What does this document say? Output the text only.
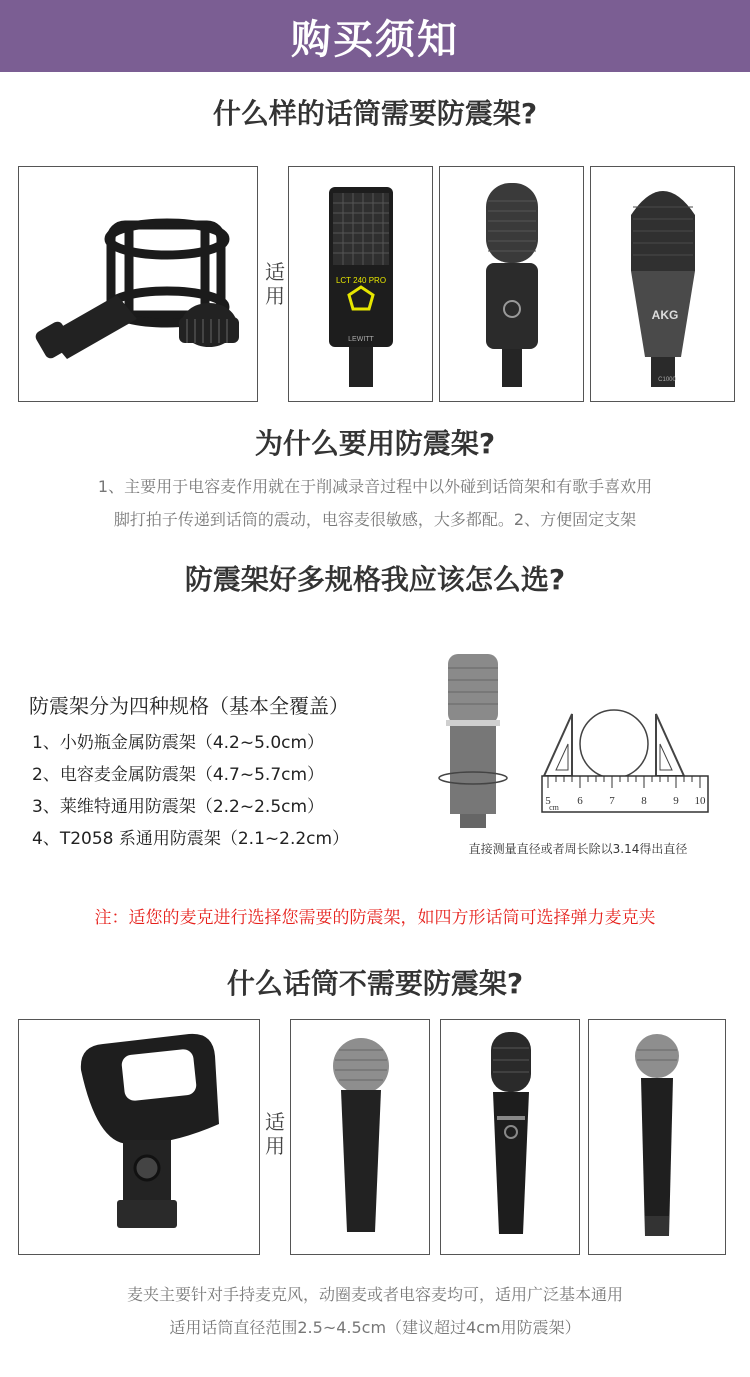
购买须知
什么样的话筒需要防震架?
适
用
LCT 240 PRO
LEWITT
AKG
C1000
为什么要用防震架?
1、主要用于电容麦作用就在于削减录音过程中以外碰到话筒架和有歌手喜欢用
脚打拍子传递到话筒的震动，电容麦很敏感，大多都配。2、方便固定支架
防震架好多规格我应该怎么选?
防震架分为四种规格（基本全覆盖）
1、小奶瓶金属防震架（4.2~5.0cm）
2、电容麦金属防震架（4.7~5.7cm）
3、莱维特通用防震架（2.2~2.5cm）
4、T2058 系通用防震架（2.1~2.2cm）
5 6 7 8 9 10
cm
直接测量直径或者周长除以3.14得出直径
注：适您的麦克进行选择您需要的防震架，如四方形话筒可选择弹力麦克夹
什么话筒不需要防震架?
适
用
麦夹主要针对手持麦克风，动圈麦或者电容麦均可，适用广泛基本通用
适用话筒直径范围2.5~4.5cm（建议超过4cm用防震架）
